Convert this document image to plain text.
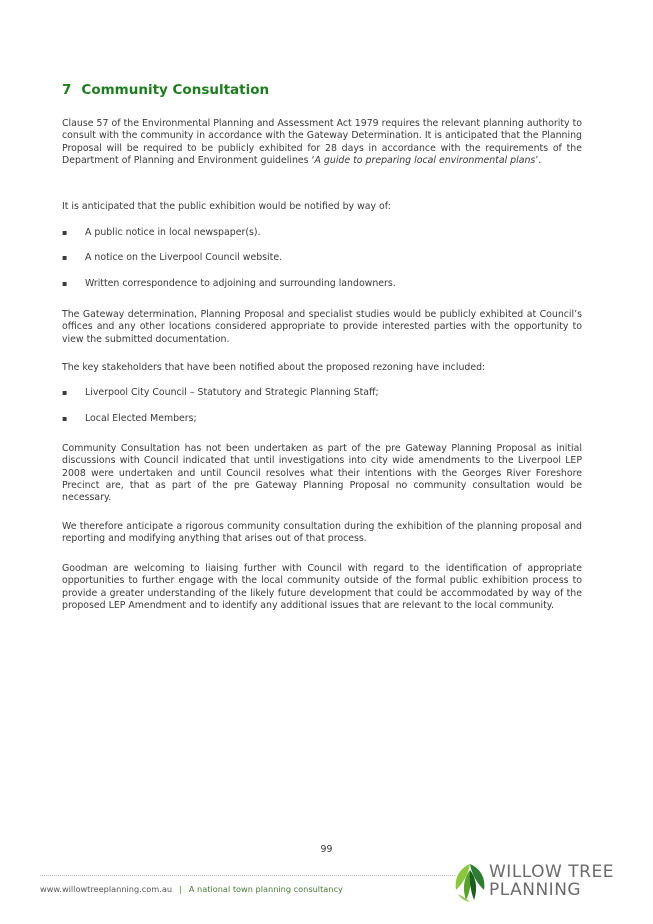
7 Community Consultation

Clause 57 of the Environmental Planning and Assessment Act 1979 requires the relevant planning authority to consult with the community in accordance with the Gateway Determination. It is anticipated that the Planning Proposal will be required to be publicly exhibited for 28 days in accordance with the requirements of the Department of Planning and Environment guidelines ‘A guide to preparing local environmental plans’.

It is anticipated that the public exhibition would be notified by way of:

▪ A public notice in local newspaper(s).
▪ A notice on the Liverpool Council website.
▪ Written correspondence to adjoining and surrounding landowners.

The Gateway determination, Planning Proposal and specialist studies would be publicly exhibited at Council’s offices and any other locations considered appropriate to provide interested parties with the opportunity to view the submitted documentation.

The key stakeholders that have been notified about the proposed rezoning have included:

▪ Liverpool City Council – Statutory and Strategic Planning Staff;
▪ Local Elected Members;

Community Consultation has not been undertaken as part of the pre Gateway Planning Proposal as initial discussions with Council indicated that until investigations into city wide amendments to the Liverpool LEP 2008 were undertaken and until Council resolves what their intentions with the Georges River Foreshore Precinct are, that as part of the pre Gateway Planning Proposal no community consultation would be necessary.

We therefore anticipate a rigorous community consultation during the exhibition of the planning proposal and reporting and modifying anything that arises out of that process.

Goodman are welcoming to liaising further with Council with regard to the identification of appropriate opportunities to further engage with the local community outside of the formal public exhibition process to provide a greater understanding of the likely future development that could be accommodated by way of the proposed LEP Amendment and to identify any additional issues that are relevant to the local community.

99
www.willowtreeplanning.com.au | A national town planning consultancy
WILLOW TREE
PLANNING
